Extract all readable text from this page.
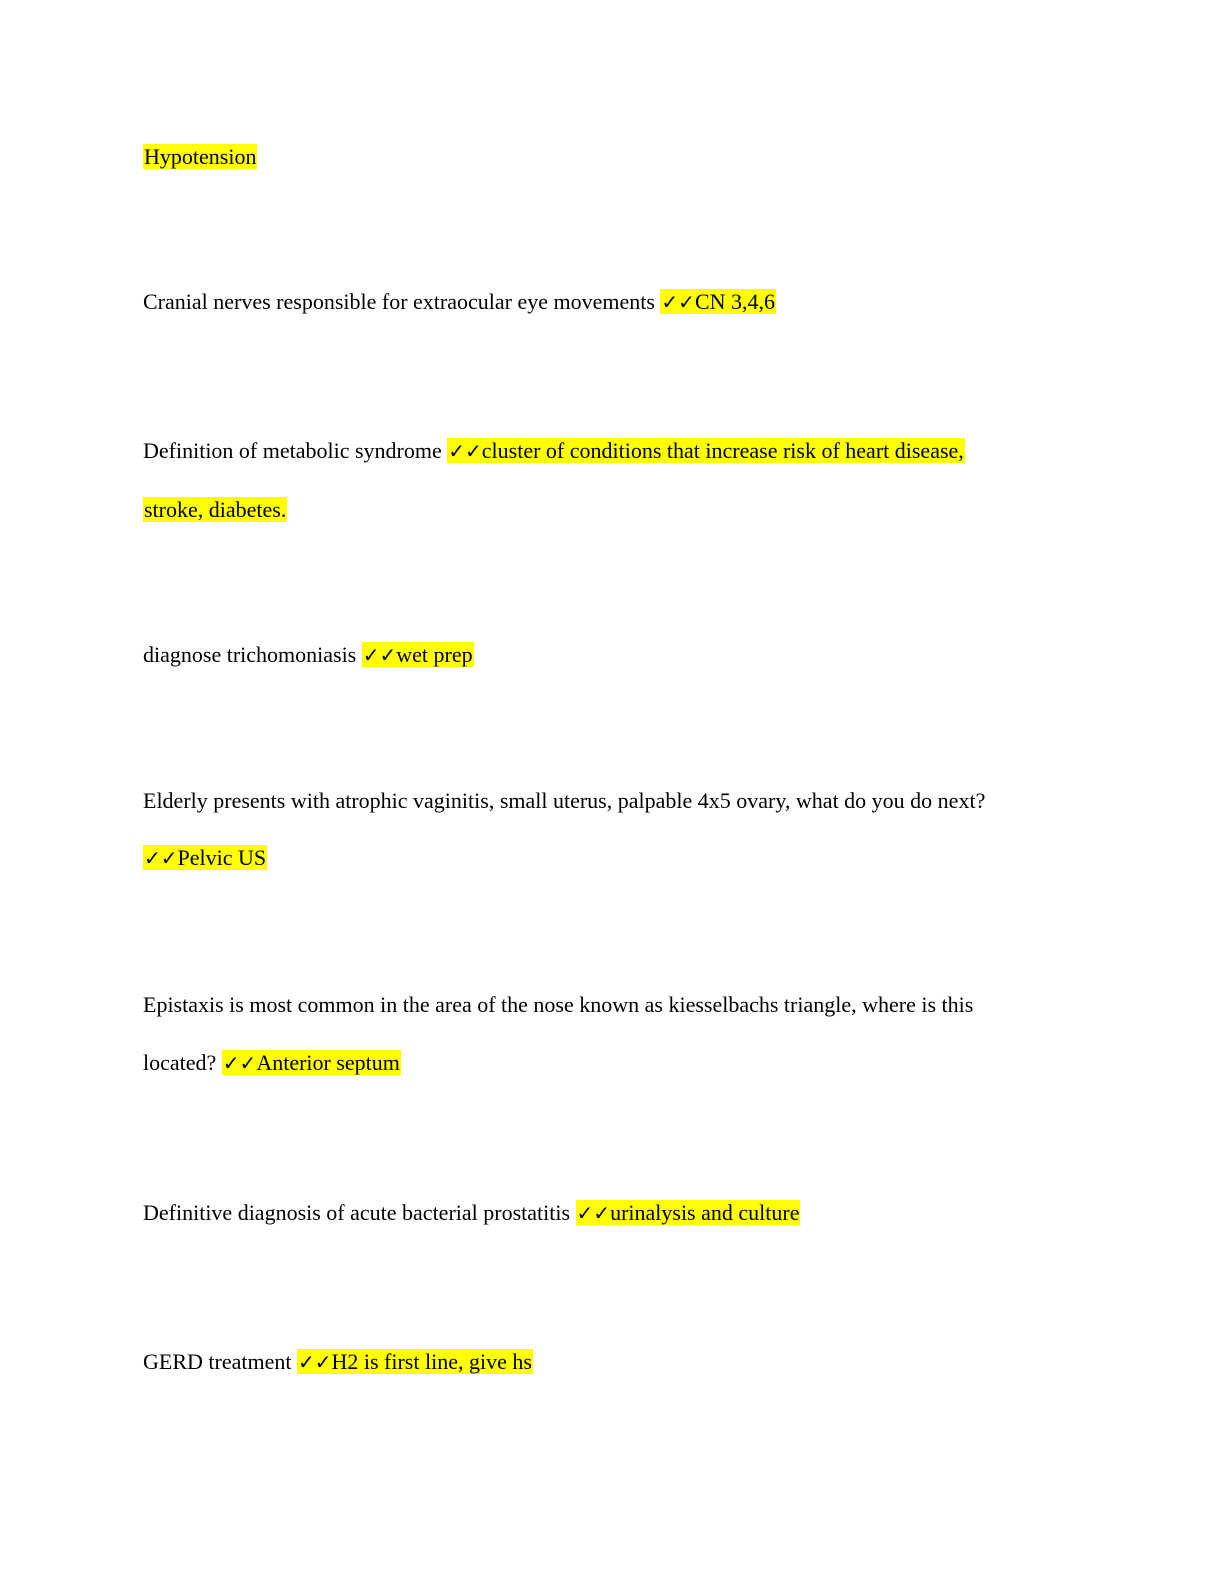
Hypotension
Cranial nerves responsible for extraocular eye movements ✓✓CN 3,4,6
Definition of metabolic syndrome ✓✓cluster of conditions that increase risk of heart disease,
stroke, diabetes.
diagnose trichomoniasis ✓✓wet prep
Elderly presents with atrophic vaginitis, small uterus, palpable 4x5 ovary, what do you do next?
✓✓Pelvic US
Epistaxis is most common in the area of the nose known as kiesselbachs triangle, where is this
located? ✓✓Anterior septum
Definitive diagnosis of acute bacterial prostatitis ✓✓urinalysis and culture
GERD treatment ✓✓H2 is first line, give hs
